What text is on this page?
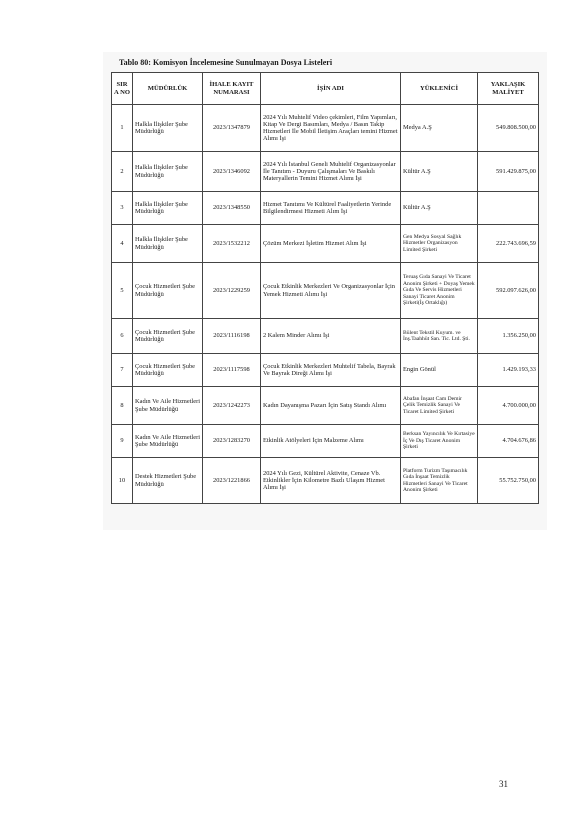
Tablo 80: Komisyon İncelemesine Sunulmayan Dosya Listeleri
SIR A NO	MÜDÜRLÜK	İHALE KAYIT NUMARASI	İŞİN ADI	YÜKLENİCİ	YAKLAŞIK MALİYET
1	Halkla İlişkiler Şube Müdürlüğü	2023/1347879	2024 Yılı Muhtelif Video çekimleri, Film Yapımları, Kitap Ve Dergi Basımları, Medya / Basın Takip Hizmetleri İle Mobil İletişim Araçları temini Hizmet Alımı İşi	Medya A.Ş	549.808.500,00
2	Halkla İlişkiler Şube Müdürlüğü	2023/1346092	2024 Yılı İstanbul Geneli Muhtelif Organizasyonlar İle Tanıtım - Duyuru Çalışmaları Ve Baskılı Materyallerin Temini Hizmet Alımı İşi	Kültür A.Ş	591.429.875,00
3	Halkla İlişkiler Şube Müdürlüğü	2023/1348550	Hizmet Tanıtımı Ve Kültürel Faaliyetlerin Yerinde Bilgilendirmesi Hizmeti Alım İşi	Kültür A.Ş	
4	Halkla İlişkiler Şube Müdürlüğü	2023/1532212	Çözüm Merkezi İşletim Hizmet Alım İşi	Gen Medya Sosyal Sağlık Hizmetler Organizasyon Limited Şirketi	222.743.696,59
5	Çocuk Hizmetleri Şube Müdürlüğü	2023/1229259	Çocuk Etkinlik Merkezleri Ve Organizasyonlar İçin Yemek Hizmeti Alımı İşi	Teruaş Gıda Sanayi Ve Ticaret Anonim Şirketi + Doyaş Yemek Gıda Ve Servis Hizmetleri Sanayi Ticaret Anonim Şirketi(İş Ortaklığı)	592.097.626,00
6	Çocuk Hizmetleri Şube Müdürlüğü	2023/1116198	2 Kalem Minder Alımı İşi	Bülent Tekstil Kuyum. ve İnş.Taahhüt San. Tic. Ltd. Şti.	1.356.250,00
7	Çocuk Hizmetleri Şube Müdürlüğü	2023/1117598	Çocuk Etkinlik Merkezleri Muhtelif Tabela, Bayrak Ve Bayrak Direği Alımı İşi	Engin Gönül	1.429.193,33
8	Kadın Ve Aile Hizmetleri Şube Müdürlüğü	2023/1242273	Kadın Dayanışma Pazarı İçin Satış Standı Alımı	Abafan İnşaat Cam Demir Çelik Temizlik Sanayi Ve Ticaret Limited Şirketi	4.700.000,00
9	Kadın Ve Aile Hizmetleri Şube Müdürlüğü	2023/1283270	Etkinlik Atölyeleri İçin Malzeme Alımı	Berksan Yayıncılık Ve Kırtasiye İç Ve Dış Ticaret Anonim Şirketi	4.704.676,86
10	Destek Hizmetleri Şube Müdürlüğü	2023/1221866	2024 Yılı Gezi, Kültürel Aktivite, Cenaze Vb. Etkinlikler İçin Kilometre Bazlı Ulaşım Hizmet Alımı İşi	Platform Turizm Taşımacılık Gıda İnşaat Temizlik Hizmetleri Sanayi Ve Ticaret Anonim Şirketi	55.752.750,00
31
